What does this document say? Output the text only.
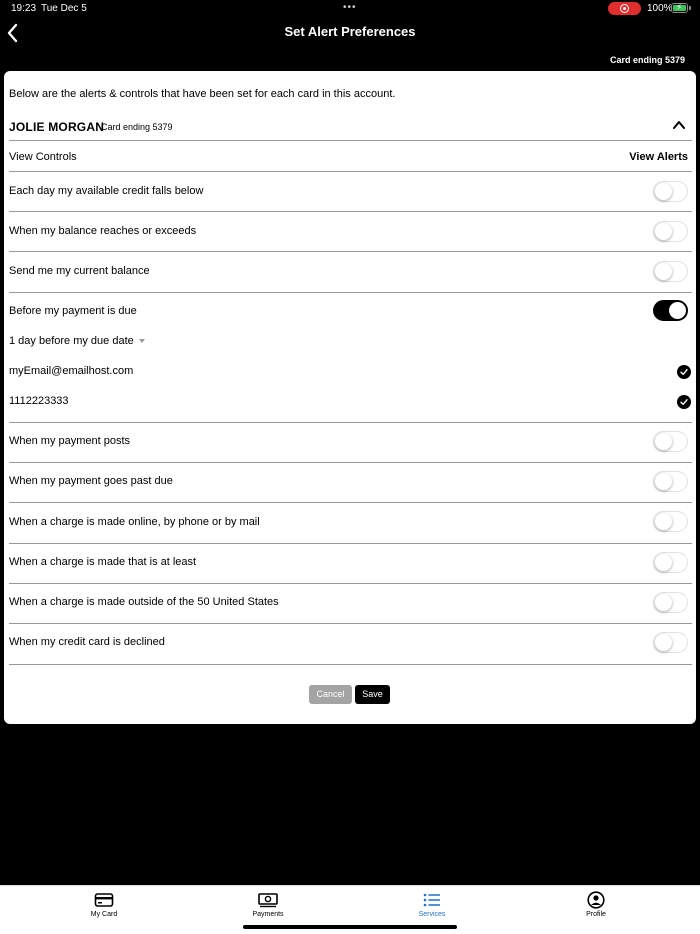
19:23 Tue Dec 5	•••	100% ⚡
Set Alert Preferences
Card ending 5379
Below are the alerts & controls that have been set for each card in this account.
JOLIE MORGAN
Card ending 5379
View Controls	View Alerts
Each day my available credit falls below
When my balance reaches or exceeds
Send me my current balance
Before my payment is due
1 day before my due date
myEmail@emailhost.com
1112223333
When my payment posts
When my payment goes past due
When a charge is made online, by phone or by mail
When a charge is made that is at least
When a charge is made outside of the 50 United States
When my credit card is declined
Cancel	Save
My Card	Payments	Services	Profile
